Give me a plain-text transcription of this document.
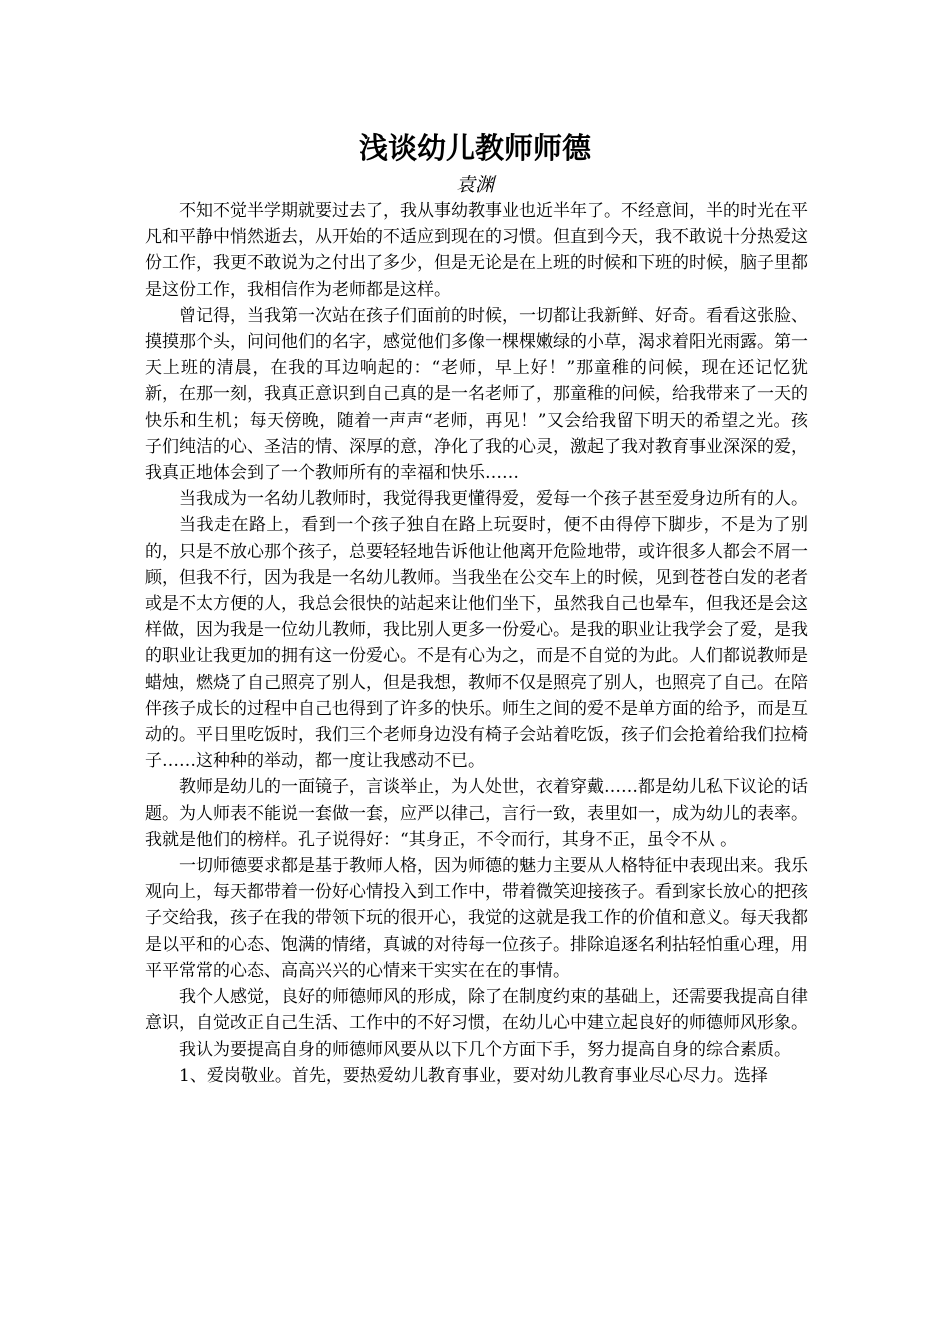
浅谈幼儿教师师德
袁渊

不知不觉半学期就要过去了，我从事幼教事业也近半年了。不经意间，半的时光在平凡和平静中悄然逝去，从开始的不适应到现在的习惯。但直到今天，我不敢说十分热爱这份工作，我更不敢说为之付出了多少，但是无论是在上班的时候和下班的时候，脑子里都是这份工作，我相信作为老师都是这样。

曾记得，当我第一次站在孩子们面前的时候，一切都让我新鲜、好奇。看看这张脸、摸摸那个头，问问他们的名字，感觉他们多像一棵棵嫩绿的小草，渴求着阳光雨露。第一天上班的清晨，在我的耳边响起的：“老师，早上好！”那童稚的问候，现在还记忆犹新，在那一刻，我真正意识到自己真的是一名老师了，那童稚的问候，给我带来了一天的快乐和生机；每天傍晚，随着一声声“老师，再见！”又会给我留下明天的希望之光。孩子们纯洁的心、圣洁的情、深厚的意，净化了我的心灵，激起了我对教育事业深深的爱，我真正地体会到了一个教师所有的幸福和快乐……

当我成为一名幼儿教师时，我觉得我更懂得爱，爱每一个孩子甚至爱身边所有的人。

当我走在路上，看到一个孩子独自在路上玩耍时，便不由得停下脚步，不是为了别的，只是不放心那个孩子，总要轻轻地告诉他让他离开危险地带，或许很多人都会不屑一顾，但我不行，因为我是一名幼儿教师。当我坐在公交车上的时候，见到苍苍白发的老者或是不太方便的人，我总会很快的站起来让他们坐下，虽然我自己也晕车，但我还是会这样做，因为我是一位幼儿教师，我比别人更多一份爱心。是我的职业让我学会了爱，是我的职业让我更加的拥有这一份爱心。不是有心为之，而是不自觉的为此。人们都说教师是蜡烛，燃烧了自己照亮了别人，但是我想，教师不仅是照亮了别人，也照亮了自己。在陪伴孩子成长的过程中自己也得到了许多的快乐。师生之间的爱不是单方面的给予，而是互动的。平日里吃饭时，我们三个老师身边没有椅子会站着吃饭，孩子们会抢着给我们拉椅子……这种种的举动，都一度让我感动不已。

教师是幼儿的一面镜子，言谈举止，为人处世，衣着穿戴……都是幼儿私下议论的话题。为人师表不能说一套做一套，应严以律己，言行一致，表里如一，成为幼儿的表率。我就是他们的榜样。孔子说得好：“其身正，不令而行，其身不正，虽令不从 。

一切师德要求都是基于教师人格，因为师德的魅力主要从人格特征中表现出来。我乐观向上，每天都带着一份好心情投入到工作中，带着微笑迎接孩子。看到家长放心的把孩子交给我，孩子在我的带领下玩的很开心，我觉的这就是我工作的价值和意义。每天我都是以平和的心态、饱满的情绪，真诚的对待每一位孩子。排除追逐名利拈轻怕重心理，用平平常常的心态、高高兴兴的心情来干实实在在的事情。

我个人感觉，良好的师德师风的形成，除了在制度约束的基础上，还需要我提高自律意识，自觉改正自己生活、工作中的不好习惯，在幼儿心中建立起良好的师德师风形象。

我认为要提高自身的师德师风要从以下几个方面下手，努力提高自身的综合素质。

1、爱岗敬业。首先，要热爱幼儿教育事业，要对幼儿教育事业尽心尽力。选择
